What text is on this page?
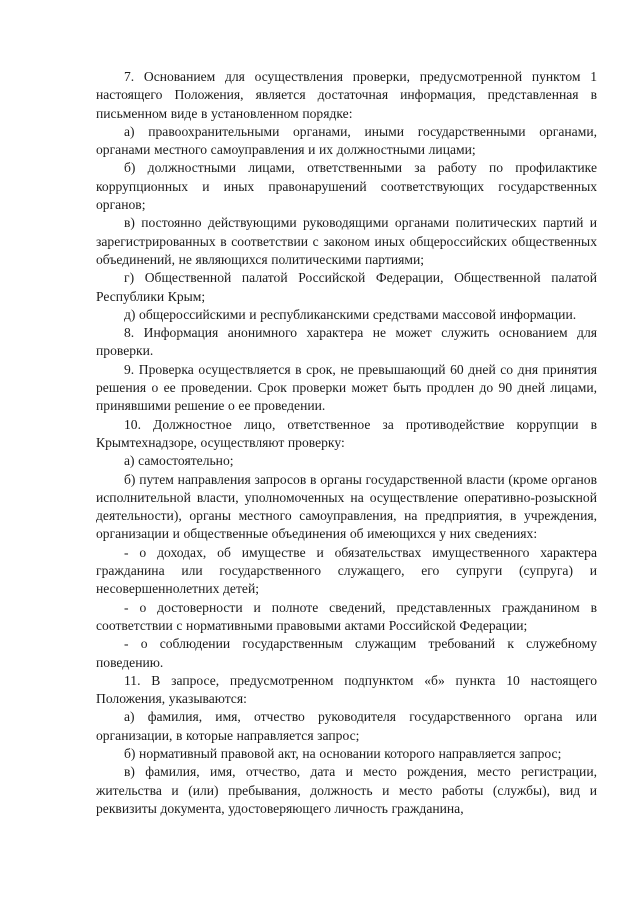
7. Основанием для осуществления проверки, предусмотренной пунктом 1 настоящего Положения, является достаточная информация, представленная в письменном виде в установленном порядке:

а) правоохранительными органами, иными государственными органами, органами местного самоуправления и их должностными лицами;

б) должностными лицами, ответственными за работу по профилактике коррупционных и иных правонарушений соответствующих государственных органов;

в) постоянно действующими руководящими органами политических партий и зарегистрированных в соответствии с законом иных общероссийских общественных объединений, не являющихся политическими партиями;

г) Общественной палатой Российской Федерации, Общественной палатой Республики Крым;

д) общероссийскими и республиканскими средствами массовой информации.

8. Информация анонимного характера не может служить основанием для проверки.

9. Проверка осуществляется в срок, не превышающий 60 дней со дня принятия решения о ее проведении. Срок проверки может быть продлен до 90 дней лицами, принявшими решение о ее проведении.

10. Должностное лицо, ответственное за противодействие коррупции в Крымтехнадзоре, осуществляют проверку:

а) самостоятельно;

б) путем направления запросов в органы государственной власти (кроме органов исполнительной власти, уполномоченных на осуществление оперативно-розыскной деятельности), органы местного самоуправления, на предприятия, в учреждения, организации и общественные объединения об имеющихся у них сведениях:

- о доходах, об имуществе и обязательствах имущественного характера гражданина или государственного служащего, его супруги (супруга) и несовершеннолетних детей;

- о достоверности и полноте сведений, представленных гражданином в соответствии с нормативными правовыми актами Российской Федерации;

- о соблюдении государственным служащим требований к служебному поведению.

11. В запросе, предусмотренном подпунктом «б» пункта 10 настоящего Положения, указываются:

а) фамилия, имя, отчество руководителя государственного органа или организации, в которые направляется запрос;

б) нормативный правовой акт, на основании которого направляется запрос;

в) фамилия, имя, отчество, дата и место рождения, место регистрации, жительства и (или) пребывания, должность и место работы (службы), вид и реквизиты документа, удостоверяющего личность гражданина,
